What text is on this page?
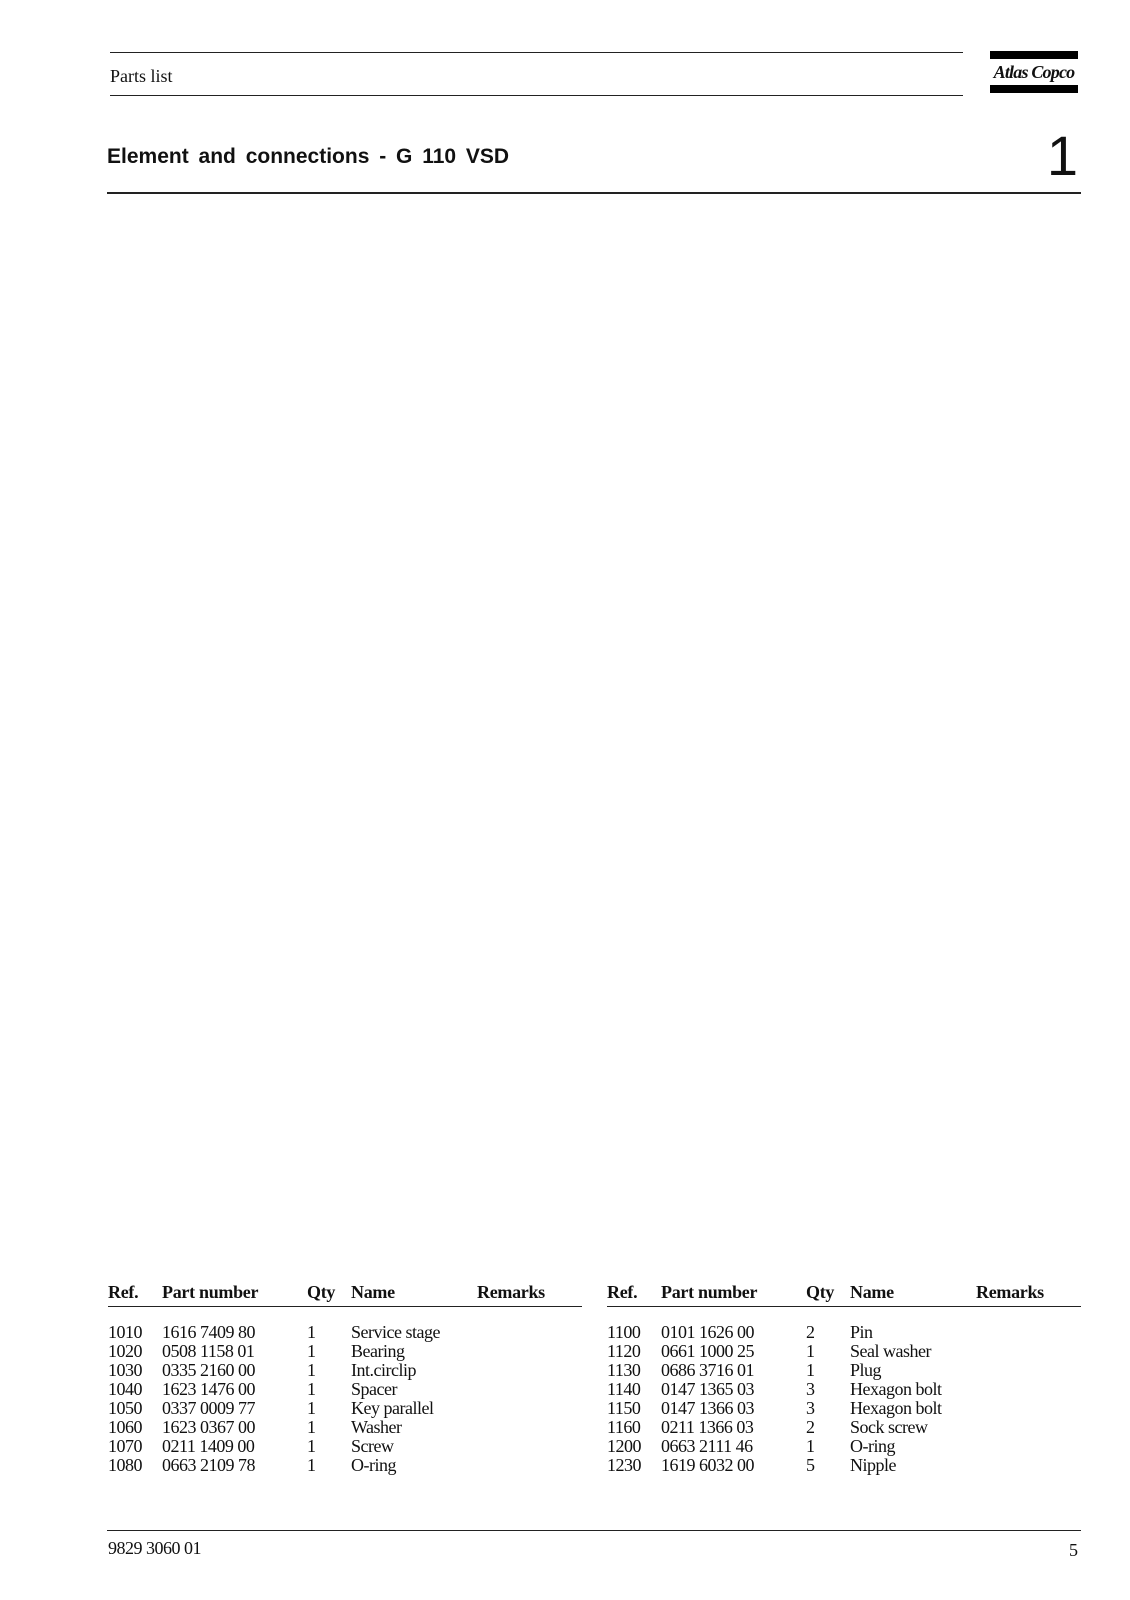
Parts list	Atlas Copco
Element and connections - G 110 VSD	1
Ref.	Part number	Qty	Name	Remarks
1010	1616 7409 80	1	Service stage	
1020	0508 1158 01	1	Bearing	
1030	0335 2160 00	1	Int.circlip	
1040	1623 1476 00	1	Spacer	
1050	0337 0009 77	1	Key parallel	
1060	1623 0367 00	1	Washer	
1070	0211 1409 00	1	Screw	
1080	0663 2109 78	1	O-ring	
Ref.	Part number	Qty	Name	Remarks
1100	0101 1626 00	2	Pin	
1120	0661 1000 25	1	Seal washer	
1130	0686 3716 01	1	Plug	
1140	0147 1365 03	3	Hexagon bolt	
1150	0147 1366 03	3	Hexagon bolt	
1160	0211 1366 03	2	Sock screw	
1200	0663 2111 46	1	O-ring	
1230	1619 6032 00	5	Nipple	
9829 3060 01	5
